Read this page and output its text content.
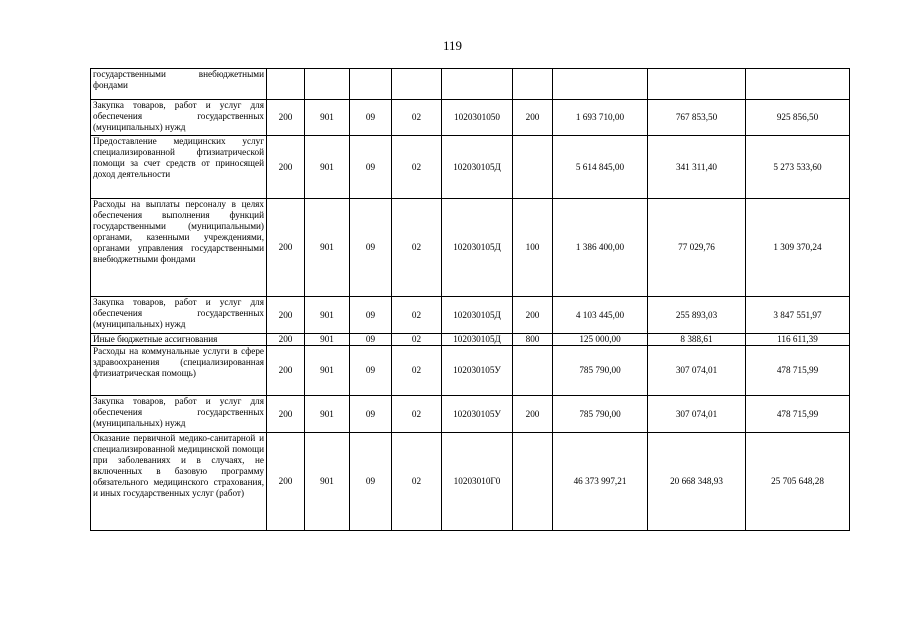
119
государственными внебюджетными фондами									
Закупка товаров, работ и услуг для обеспечения государственных (муниципальных) нужд	200	901	09	02	1020301050	200	1 693 710,00	767 853,50	925 856,50
Предоставление медицинских услуг специализированной фтизиатрической помощи за счет средств от приносящей доход деятельности	200	901	09	02	102030105Д		5 614 845,00	341 311,40	5 273 533,60
Расходы на выплаты персоналу в целях обеспечения выполнения функций государственными (муниципальными) органами, казенными учреждениями, органами управления государственными внебюджетными фондами	200	901	09	02	102030105Д	100	1 386 400,00	77 029,76	1 309 370,24
Закупка товаров, работ и услуг для обеспечения государственных (муниципальных) нужд	200	901	09	02	102030105Д	200	4 103 445,00	255 893,03	3 847 551,97
Иные бюджетные ассигнования	200	901	09	02	102030105Д	800	125 000,00	8 388,61	116 611,39
Расходы на коммунальные услуги в сфере здравоохранения (специализированная фтизиатрическая помощь)	200	901	09	02	102030105У		785 790,00	307 074,01	478 715,99
Закупка товаров, работ и услуг для обеспечения государственных (муниципальных) нужд	200	901	09	02	102030105У	200	785 790,00	307 074,01	478 715,99
Оказание первичной медико-санитарной и специализированной медицинской помощи при заболеваниях и в случаях, не включенных в базовую программу обязательного медицинского страхования, и иных государственных услуг (работ)	200	901	09	02	10203010Г0		46 373 997,21	20 668 348,93	25 705 648,28
